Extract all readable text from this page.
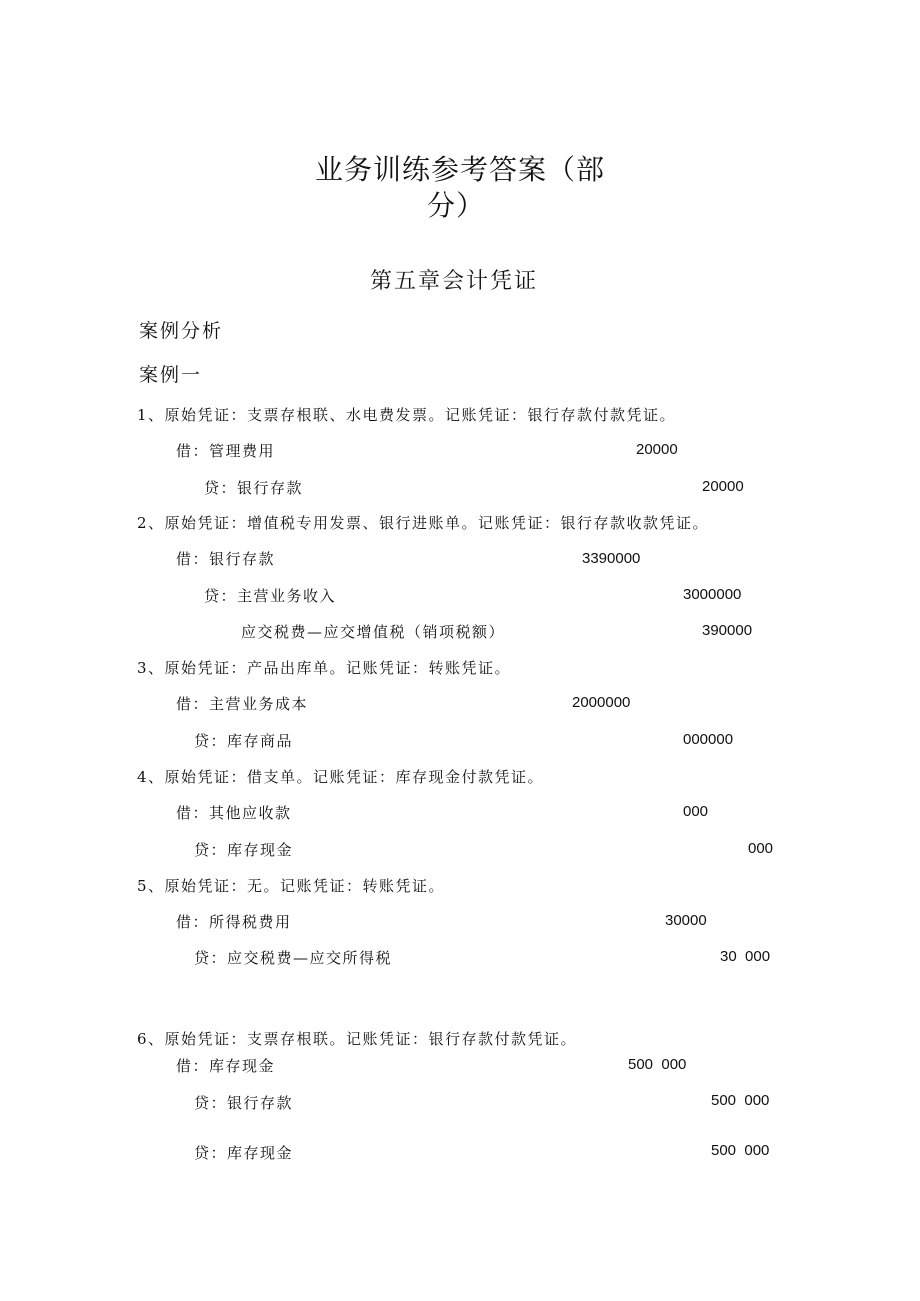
业务训练参考答案（部
分）
第五章会计凭证
案例分析
案例一
1、原始凭证：支票存根联、水电费发票。记账凭证：银行存款付款凭证。
借：管理费用	20000
贷：银行存款	20000
2、原始凭证：增值税专用发票、银行进账单。记账凭证：银行存款收款凭证。
借：银行存款	3390000
贷：主营业务收入	3000000
应交税费—应交增值税（销项税额）	390000
3、原始凭证：产品出库单。记账凭证：转账凭证。
借：主营业务成本	2000000
贷：库存商品	000000
4、原始凭证：借支单。记账凭证：库存现金付款凭证。
借：其他应收款	000
贷：库存现金	000
5、原始凭证：无。记账凭证：转账凭证。
借：所得税费用	30000
贷：应交税费—应交所得税	30  000
6、原始凭证：支票存根联。记账凭证：银行存款付款凭证。
借：库存现金	500  000
贷：银行存款	500  000
贷：库存现金	500  000
